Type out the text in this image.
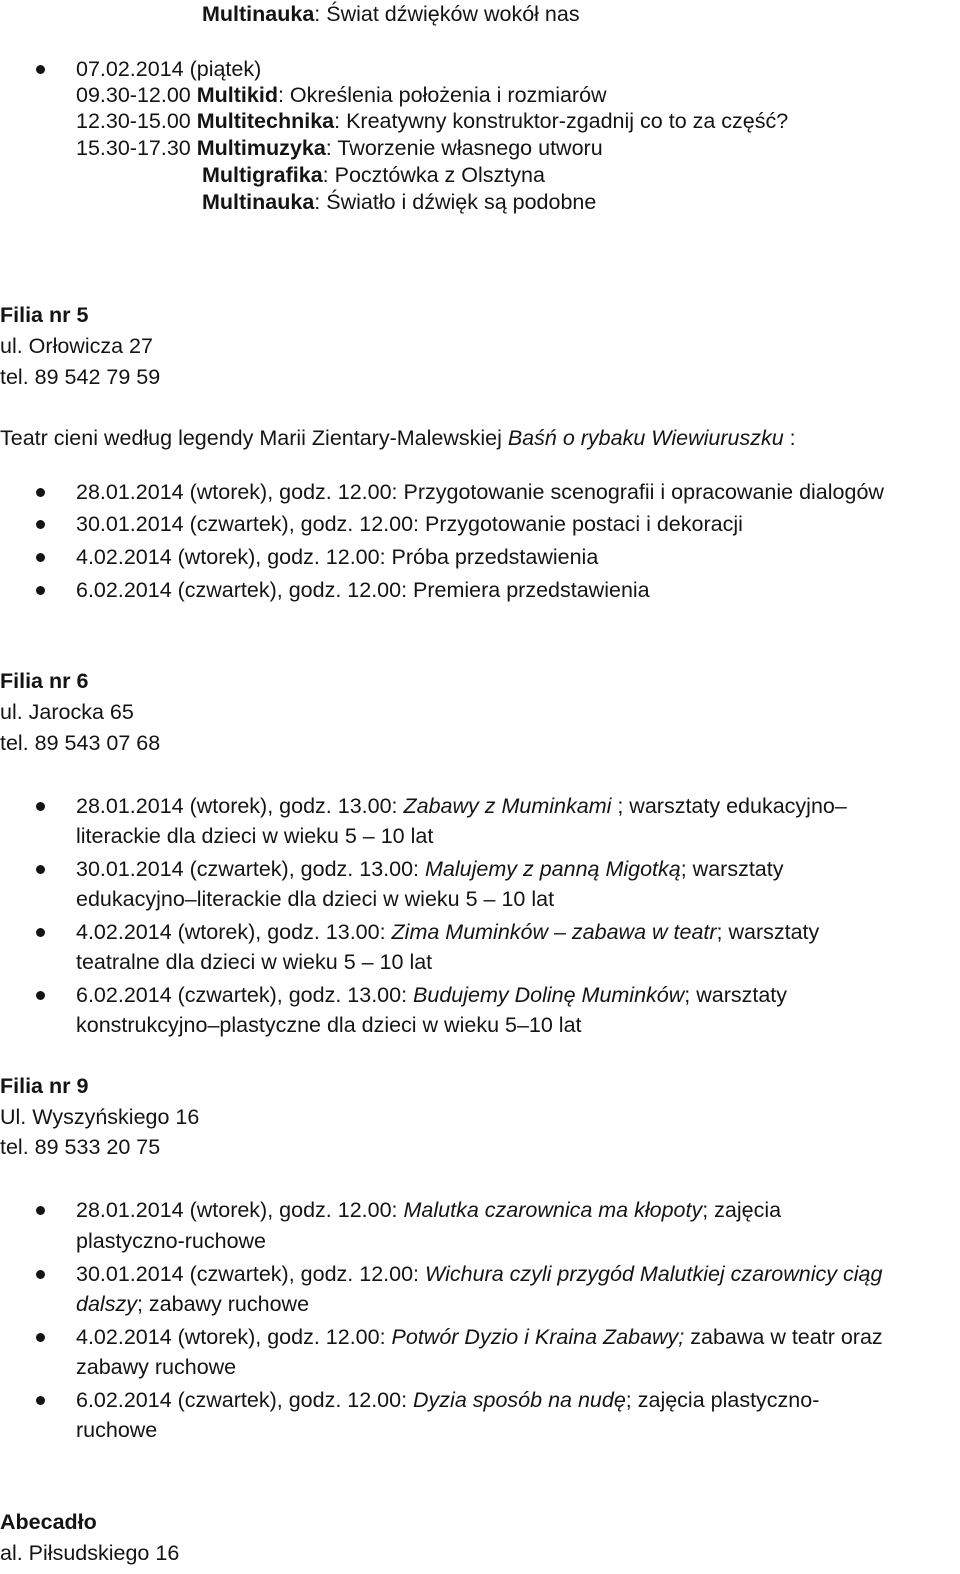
Multinauka: Świat dźwięków wokół nas
07.02.2014 (piątek)
09.30-12.00 Multikid: Określenia położenia i rozmiarów
12.30-15.00 Multitechnika: Kreatywny konstruktor-zgadnij co to za część?
15.30-17.30 Multimuzyka: Tworzenie własnego utworu
Multigrafika: Pocztówka z Olsztyna
Multinauka: Światło i dźwięk są podobne
Filia nr 5
ul. Orłowicza 27
tel. 89 542 79 59
Teatr cieni według legendy Marii Zientary-Malewskiej Baśń o rybaku Wiewiuruszku :
28.01.2014 (wtorek), godz. 12.00: Przygotowanie scenografii i opracowanie dialogów
30.01.2014 (czwartek), godz. 12.00: Przygotowanie postaci i dekoracji
4.02.2014 (wtorek), godz. 12.00: Próba przedstawienia
6.02.2014 (czwartek), godz. 12.00: Premiera przedstawienia
Filia nr 6
ul. Jarocka 65
tel. 89 543 07 68
28.01.2014 (wtorek), godz. 13.00: Zabawy z Muminkami ; warsztaty edukacyjno–
literackie dla dzieci w wieku 5 – 10 lat
30.01.2014 (czwartek), godz. 13.00: Malujemy z panną Migotką; warsztaty
edukacyjno–literackie dla dzieci w wieku 5 – 10 lat
4.02.2014 (wtorek), godz. 13.00: Zima Muminków – zabawa w teatr; warsztaty
teatralne dla dzieci w wieku 5 – 10 lat
6.02.2014 (czwartek), godz. 13.00: Budujemy Dolinę Muminków; warsztaty
konstrukcyjno–plastyczne dla dzieci w wieku 5–10 lat
Filia nr 9
Ul. Wyszyńskiego 16
tel. 89 533 20 75
28.01.2014 (wtorek), godz. 12.00: Malutka czarownica ma kłopoty; zajęcia
plastyczno-ruchowe
30.01.2014 (czwartek), godz. 12.00: Wichura czyli przygód Malutkiej czarownicy ciąg
dalszy; zabawy ruchowe
4.02.2014 (wtorek), godz. 12.00: Potwór Dyzio i Kraina Zabawy; zabawa w teatr oraz
zabawy ruchowe
6.02.2014 (czwartek), godz. 12.00: Dyzia sposób na nudę; zajęcia plastyczno-
ruchowe
Abecadło
al. Piłsudskiego 16
